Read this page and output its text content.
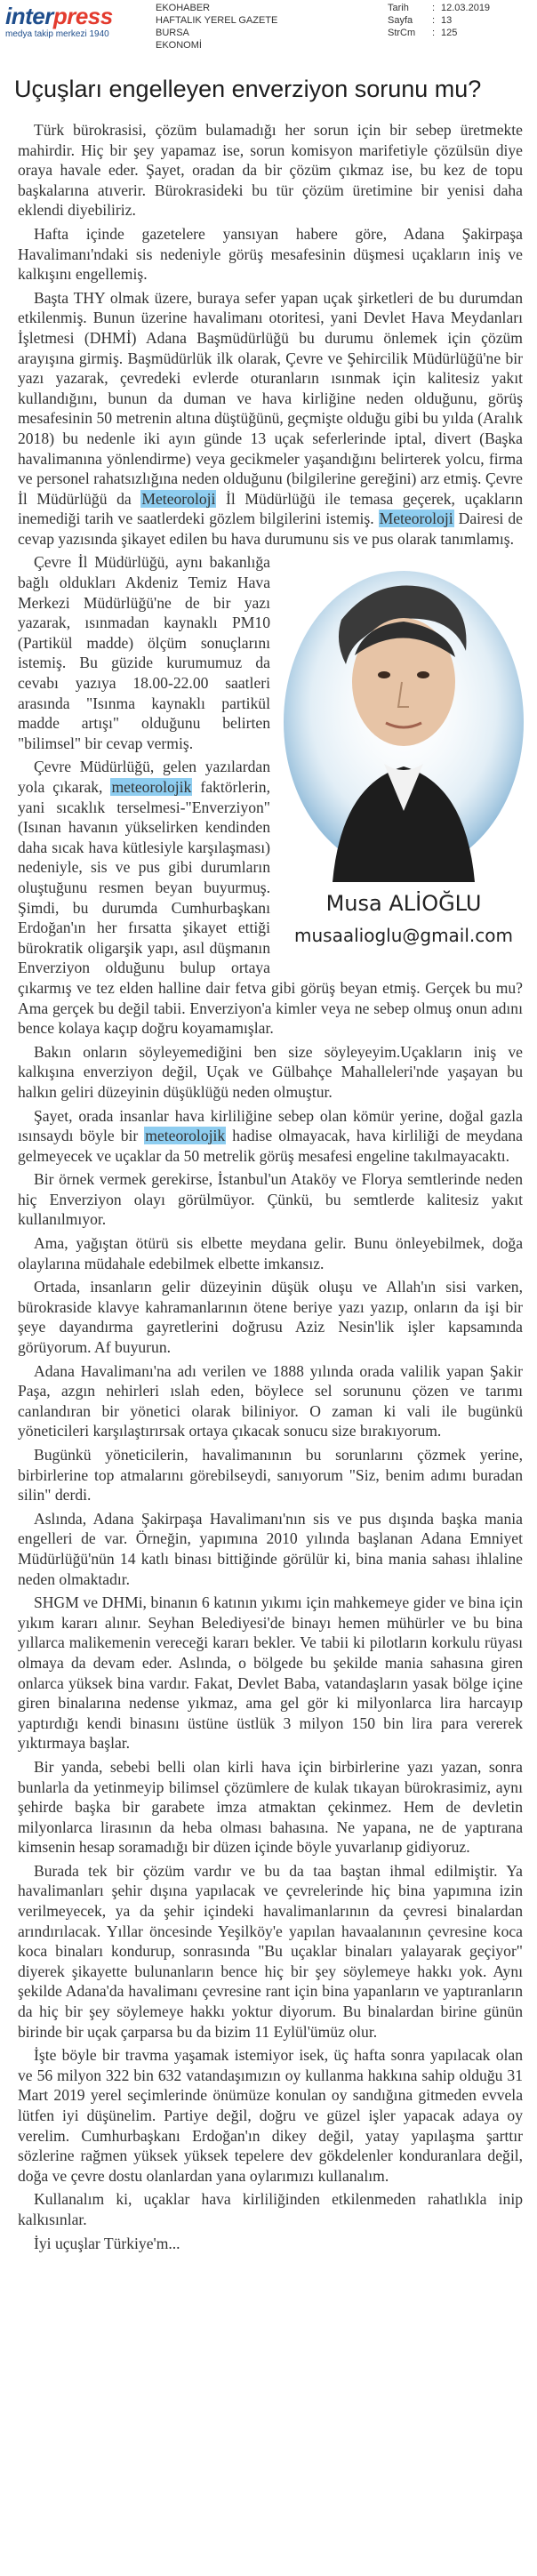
interpress
medya takip merkezi 1940
EKOHABER
HAFTALIK YEREL GAZETE
BURSA
EKONOMİ
Tarih	: 12.03.2019
Sayfa	: 13
StrCm	: 125
Uçuşları engelleyen enverziyon sorunu mu?

Türk bürokrasisi, çözüm bulamadığı her sorun için bir sebep üretmekte mahirdir. Hiç bir şey yapamaz ise, sorun komisyon marifetiyle çözülsün diye oraya havale eder. Şayet, oradan da bir çözüm çıkmaz ise, bu kez de topu başkalarına atıverir. Bürokrasideki bu tür çözüm üretimine bir yenisi daha eklendi diyebiliriz.

Hafta içinde gazetelere yansıyan habere göre, Adana Şakirpaşa Havalimanı'ndaki sis nedeniyle görüş mesafesinin düşmesi uçakların iniş ve kalkışını engellemiş.

Başta THY olmak üzere, buraya sefer yapan uçak şirketleri de bu durumdan etkilenmiş. Bunun üzerine havalimanı otoritesi, yani Devlet Hava Meydanları İşletmesi (DHMİ) Adana Başmüdürlüğü bu durumu önlemek için çözüm arayışına girmiş. Başmüdürlük ilk olarak, Çevre ve Şehircilik Müdürlüğü'ne bir yazı yazarak, çevredeki evlerde oturanların ısınmak için kalitesiz yakıt kullandığını, bunun da duman ve hava kirliğine neden olduğunu, görüş mesafesinin 50 metrenin altına düştüğünü, geçmişte olduğu gibi bu yılda (Aralık 2018) bu nedenle iki ayın günde 13 uçak seferlerinde iptal, divert (Başka havalimanına yönlendirme) veya gecikmeler yaşandığını belirterek yolcu, firma ve personel rahatsızlığına neden olduğunu (bilgilerine gereğini) arz etmiş. Çevre İl Müdürlüğü da Meteoroloji İl Müdürlüğü ile temasa geçerek, uçakların inemediği tarih ve saatlerdeki gözlem bilgilerini istemiş. Meteoroloji Dairesi de cevap yazısında şikayet edilen bu hava durumunu sis ve pus olarak tanımlamış.

Musa ALİOĞLU
musaalioglu@gmail.com

Çevre İl Müdürlüğü, aynı bakanlığa bağlı oldukları Akdeniz Temiz Hava Merkezi Müdürlüğü'ne de bir yazı yazarak, ısınmadan kaynaklı PM10 (Partikül madde) ölçüm sonuçlarını istemiş. Bu güzide kurumumuz da cevabı yazıya 18.00-22.00 saatleri arasında "Isınma kaynaklı partikül madde artışı" olduğunu belirten "bilimsel" bir cevap vermiş.

Çevre Müdürlüğü, gelen yazılardan yola çıkarak, meteorolojik faktörlerin, yani sıcaklık terselmesi-"Enverziyon" (Isınan havanın yükselirken kendinden daha sıcak hava kütlesiyle karşılaşması) nedeniyle, sis ve pus gibi durumların oluştuğunu resmen beyan buyurmuş. Şimdi, bu durumda Cumhurbaşkanı Erdoğan'ın her fırsatta şikayet ettiği bürokratik oligarşik yapı, asıl düşmanın Enverziyon olduğunu bulup ortaya çıkarmış ve tez elden halline dair fetva gibi görüş beyan etmiş. Gerçek bu mu? Ama gerçek bu değil tabii. Enverziyon'a kimler veya ne sebep olmuş onun adını bence kolaya kaçıp doğru koyamamışlar.

Bakın onların söyleyemediğini ben size söyleyeyim.Uçakların iniş ve kalkışına enverziyon değil, Uçak ve Gülbahçe Mahalleleri'nde yaşayan bu halkın geliri düzeyinin düşüklüğü neden olmuştur.

Şayet, orada insanlar hava kirliliğine sebep olan kömür yerine, doğal gazla ısınsaydı böyle bir meteorolojik hadise olmayacak, hava kirliliği de meydana gelmeyecek ve uçaklar da 50 metrelik görüş mesafesi engeline takılmayacaktı.

Bir örnek vermek gerekirse, İstanbul'un Ataköy ve Florya semtlerinde neden hiç Enverziyon olayı görülmüyor. Çünkü, bu semtlerde kalitesiz yakıt kullanılmıyor.

Ama, yağıştan ötürü sis elbette meydana gelir. Bunu önleyebilmek, doğa olaylarına müdahale edebilmek elbette imkansız.

Ortada, insanların gelir düzeyinin düşük oluşu ve Allah'ın sisi varken, bürokraside klavye kahramanlarının ötene beriye yazı yazıp, onların da işi bir şeye dayandırma gayretlerini doğrusu Aziz Nesin'lik işler kapsamında görüyorum. Af buyurun.

Adana Havalimanı'na adı verilen ve 1888 yılında orada valilik yapan Şakir Paşa, azgın nehirleri ıslah eden, böylece sel sorununu çözen ve tarımı canlandıran bir yönetici olarak biliniyor. O zaman ki vali ile bugünkü yöneticileri karşılaştırırsak ortaya çıkacak sonucu size bırakıyorum.

Bugünkü yöneticilerin, havalimanının bu sorunlarını çözmek yerine, birbirlerine top atmalarını görebilseydi, sanıyorum "Siz, benim adımı buradan silin" derdi.

Aslında, Adana Şakirpaşa Havalimanı'nın sis ve pus dışında başka mania engelleri de var. Örneğin, yapımına 2010 yılında başlanan Adana Emniyet Müdürlüğü'nün 14 katlı binası bittiğinde görülür ki, bina mania sahası ihlaline neden olmaktadır.

SHGM ve DHMi, binanın 6 katının yıkımı için mahkemeye gider ve bina için yıkım kararı alınır. Seyhan Belediyesi'de binayı hemen mühürler ve bu bina yıllarca malikemenin vereceği kararı bekler. Ve tabii ki pilotların korkulu rüyası olmaya da devam eder. Aslında, o bölgede bu şekilde mania sahasına giren onlarca yüksek bina vardır. Fakat, Devlet Baba, vatandaşların yasak bölge içine giren binalarına nedense yıkmaz, ama gel gör ki milyonlarca lira harcayıp yaptırdığı kendi binasını üstüne üstlük 3 milyon 150 bin lira para vererek yıktırmaya başlar.

Bir yanda, sebebi belli olan kirli hava için birbirlerine yazı yazan, sonra bunlarla da yetinmeyip bilimsel çözümlere de kulak tıkayan bürokrasimiz, aynı şehirde başka bir garabete imza atmaktan çekinmez. Hem de devletin milyonlarca lirasının da heba olması bahasına. Ne yapana, ne de yaptırana kimsenin hesap soramadığı bir düzen içinde böyle yuvarlanıp gidiyoruz.

Burada tek bir çözüm vardır ve bu da taa baştan ihmal edilmiştir. Ya havalimanları şehir dışına yapılacak ve çevrelerinde hiç bina yapımına izin verilmeyecek, ya da şehir içindeki havalimanlarının da çevresi binalardan arındırılacak. Yıllar öncesinde Yeşilköy'e yapılan havaalanının çevresine koca koca binaları kondurup, sonrasında "Bu uçaklar binaları yalayarak geçiyor" diyerek şikayette bulunanların bence hiç bir şey söylemeye hakkı yok. Aynı şekilde Adana'da havalimanı çevresine rant için bina yapanların ve yaptıranların da hiç bir şey söylemeye hakkı yoktur diyorum. Bu binalardan birine günün birinde bir uçak çarparsa bu da bizim 11 Eylül'ümüz olur.

İşte böyle bir travma yaşamak istemiyor isek, üç hafta sonra yapılacak olan ve 56 milyon 322 bin 632 vatandaşımızın oy kullanma hakkına sahip olduğu 31 Mart 2019 yerel seçimlerinde önümüze konulan oy sandığına gitmeden evvela lütfen iyi düşünelim. Partiye değil, doğru ve güzel işler yapacak adaya oy verelim. Cumhurbaşkanı Erdoğan'ın dikey değil, yatay yapılaşma şarttır sözlerine rağmen yüksek yüksek tepelere dev gökdelenler konduranlara değil, doğa ve çevre dostu olanlardan yana oylarımızı kullanalım.

Kullanalım ki, uçaklar hava kirliliğinden etkilenmeden rahatlıkla inip kalkısınlar.

İyi uçuşlar Türkiye'm...
